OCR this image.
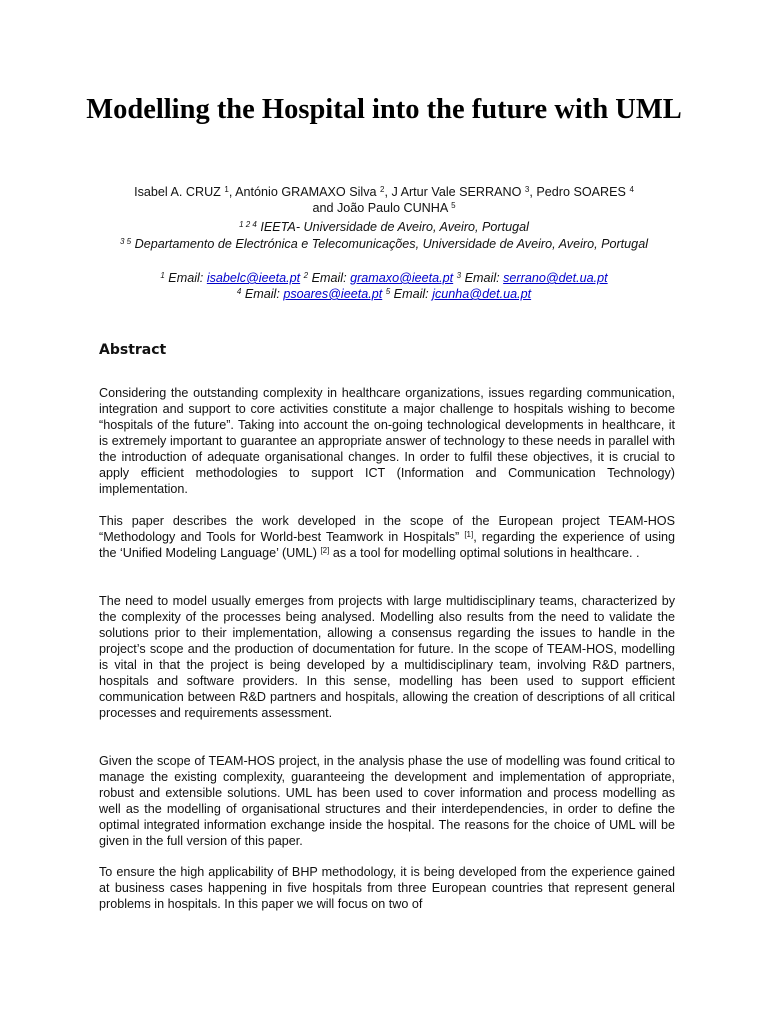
Modelling the Hospital into the future with UML
Isabel A. CRUZ $^1$, António GRAMAXO Silva $^2$, J Artur Vale SERRANO $^3$, Pedro SOARES $^4$
and João Paulo CUNHA $^5$
$^{1 2 4}$ IEETA- Universidade de Aveiro, Aveiro, Portugal
$^{3 5}$ Departamento de Electrónica e Telecomunicações, Universidade de Aveiro, Aveiro, Portugal
$^1$ Email: isabelc@ieeta.pt $^2$ Email: gramaxo@ieeta.pt $^3$ Email: serrano@det.ua.pt
$^4$ Email: psoares@ieeta.pt $^5$ Email: jcunha@det.ua.pt
Abstract

Considering the outstanding complexity in healthcare organizations, issues regarding communication, integration and support to core activities constitute a major challenge to hospitals wishing to become “hospitals of the future”. Taking into account the on-going technological developments in healthcare, it is extremely important to guarantee an appropriate answer of technology to these needs in parallel with the introduction of adequate organisational changes. In order to fulfil these objectives, it is crucial to apply efficient methodologies to support ICT (Information and Communication Technology) implementation.

This paper describes the work developed in the scope of the European project TEAM-HOS “Methodology and Tools for World-best Teamwork in Hospitals” [1], regarding the experience of using the ‘Unified Modeling Language’ (UML) [2] as a tool for modelling optimal solutions in healthcare. .

The need to model usually emerges from projects with large multidisciplinary teams, characterized by the complexity of the processes being analysed. Modelling also results from the need to validate the solutions prior to their implementation, allowing a consensus regarding the issues to handle in the project’s scope and the production of documentation for future. In the scope of TEAM-HOS, modelling is vital in that the project is being developed by a multidisciplinary team, involving R&D partners, hospitals and software providers. In this sense, modelling has been used to support efficient communication between R&D partners and hospitals, allowing the creation of descriptions of all critical processes and requirements assessment.

Given the scope of TEAM-HOS project, in the analysis phase the use of modelling was found critical to manage the existing complexity, guaranteeing the development and implementation of appropriate, robust and extensible solutions. UML has been used to cover information and process modelling as well as the modelling of organisational structures and their interdependencies, in order to define the optimal integrated information exchange inside the hospital. The reasons for the choice of UML will be given in the full version of this paper.

To ensure the high applicability of BHP methodology, it is being developed from the experience gained at business cases happening in five hospitals from three European countries that represent general problems in hospitals. In this paper we will focus on two of
